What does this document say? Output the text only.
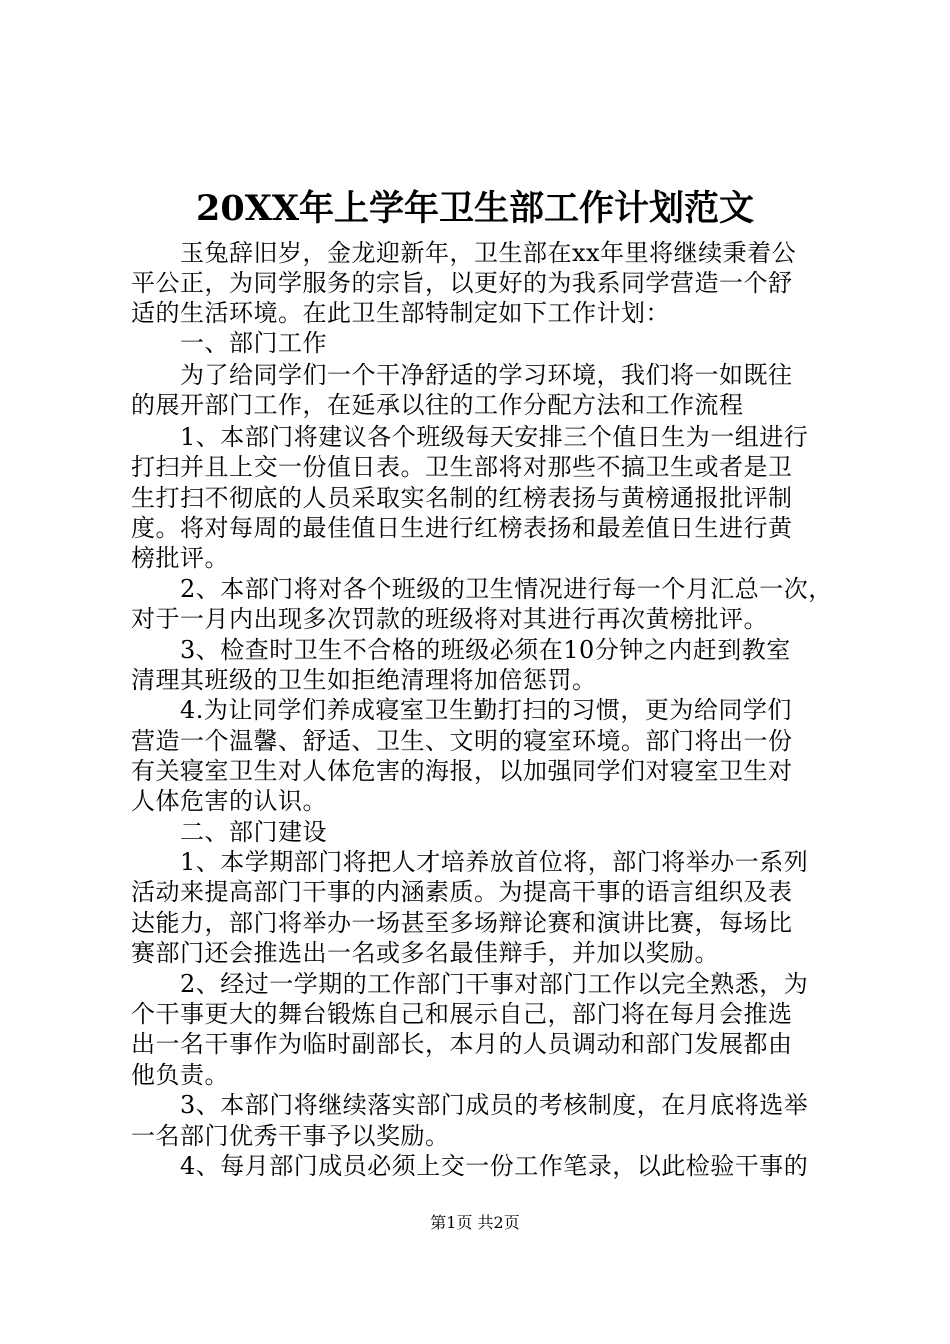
20XX年上学年卫生部工作计划范文
　　玉兔辞旧岁，金龙迎新年，卫生部在xx年里将继续秉着公
平公正，为同学服务的宗旨，以更好的为我系同学营造一个舒
适的生活环境。在此卫生部特制定如下工作计划：
　　一、部门工作
　　为了给同学们一个干净舒适的学习环境，我们将一如既往
的展开部门工作，在延承以往的工作分配方法和工作流程
　　1、本部门将建议各个班级每天安排三个值日生为一组进行
打扫并且上交一份值日表。卫生部将对那些不搞卫生或者是卫
生打扫不彻底的人员采取实名制的红榜表扬与黄榜通报批评制
度。将对每周的最佳值日生进行红榜表扬和最差值日生进行黄
榜批评。
　　2、本部门将对各个班级的卫生情况进行每一个月汇总一次，
对于一月内出现多次罚款的班级将对其进行再次黄榜批评。
　　3、检查时卫生不合格的班级必须在10分钟之内赶到教室
清理其班级的卫生如拒绝清理将加倍惩罚。
　　4.为让同学们养成寝室卫生勤打扫的习惯，更为给同学们
营造一个温馨、舒适、卫生、文明的寝室环境。部门将出一份
有关寝室卫生对人体危害的海报，以加强同学们对寝室卫生对
人体危害的认识。
　　二、部门建设
　　1、本学期部门将把人才培养放首位将，部门将举办一系列
活动来提高部门干事的内涵素质。为提高干事的语言组织及表
达能力，部门将举办一场甚至多场辩论赛和演讲比赛，每场比
赛部门还会推选出一名或多名最佳辩手，并加以奖励。
　　2、经过一学期的工作部门干事对部门工作以完全熟悉，为
个干事更大的舞台锻炼自己和展示自己，部门将在每月会推选
出一名干事作为临时副部长，本月的人员调动和部门发展都由
他负责。
　　3、本部门将继续落实部门成员的考核制度，在月底将选举
一名部门优秀干事予以奖励。
　　4、每月部门成员必须上交一份工作笔录，以此检验干事的
第1页 共2页
